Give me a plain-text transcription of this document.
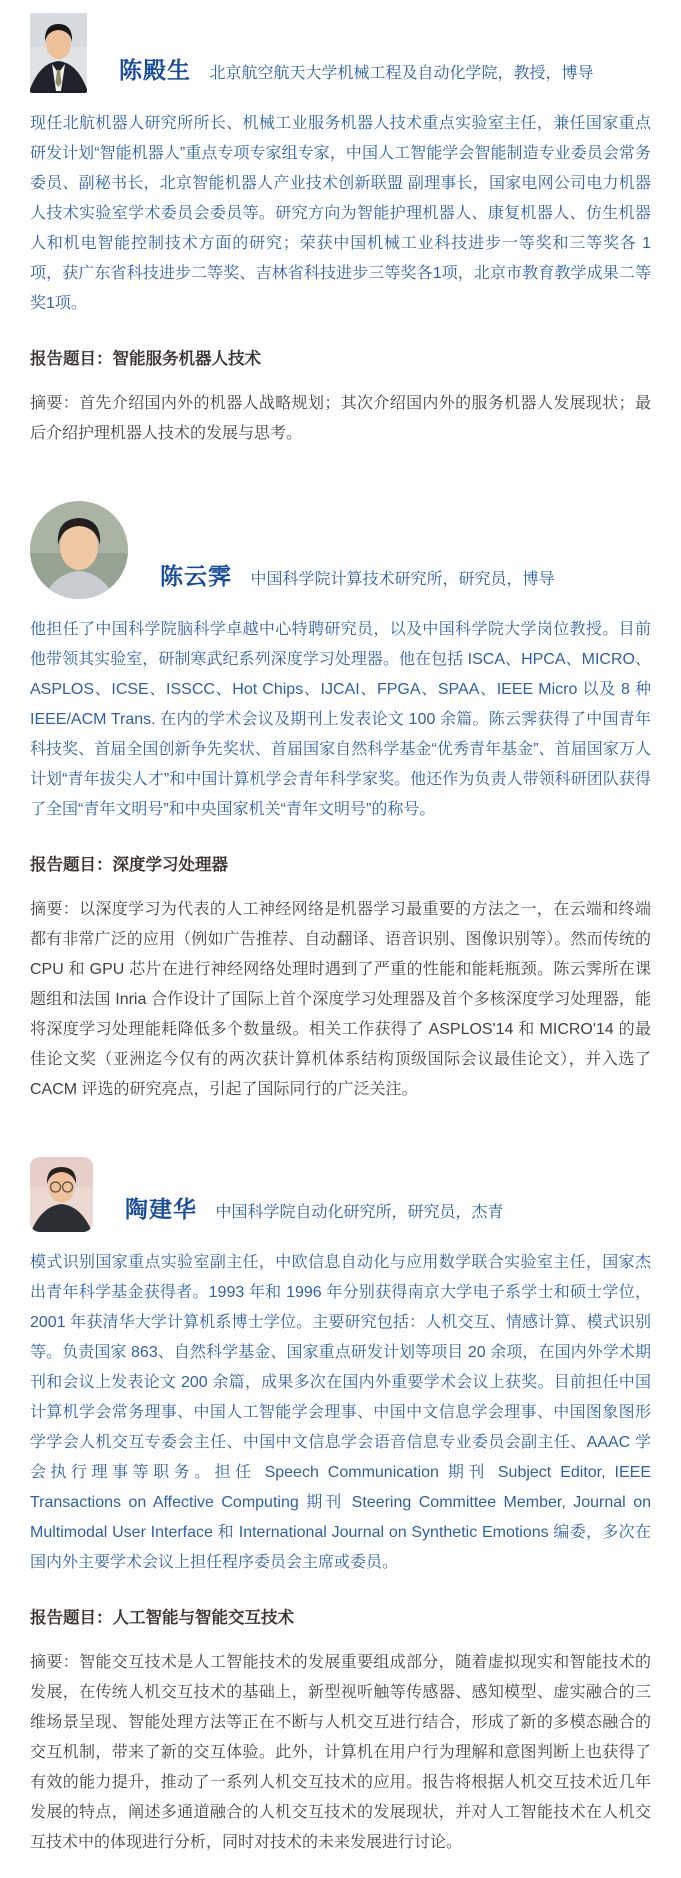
陈殿生 北京航空航天大学机械工程及自动化学院，教授，博导

现任北航机器人研究所所长、机械工业服务机器人技术重点实验室主任，兼任国家重点研发计划“智能机器人”重点专项专家组专家，中国人工智能学会智能制造专业委员会常务委员、副秘书长，北京智能机器人产业技术创新联盟 副理事长，国家电网公司电力机器人技术实验室学术委员会委员等。研究方向为智能护理机器人、康复机器人、仿生机器人和机电智能控制技术方面的研究；荣获中国机械工业科技进步一等奖和三等奖各 1 项，获广东省科技进步二等奖、吉林省科技进步三等奖各1项，北京市教育教学成果二等奖1项。

报告题目：智能服务机器人技术

摘要：首先介绍国内外的机器人战略规划；其次介绍国内外的服务机器人发展现状；最后介绍护理机器人技术的发展与思考。

陈云霁 中国科学院计算技术研究所，研究员，博导

他担任了中国科学院脑科学卓越中心特聘研究员，以及中国科学院大学岗位教授。目前他带领其实验室，研制寒武纪系列深度学习处理器。他在包括 ISCA、HPCA、MICRO、ASPLOS、ICSE、ISSCC、Hot Chips、IJCAI、FPGA、SPAA、IEEE Micro 以及 8 种 IEEE/ACM Trans. 在内的学术会议及期刊上发表论文 100 余篇。陈云霁获得了中国青年科技奖、首届全国创新争先奖状、首届国家自然科学基金“优秀青年基金”、首届国家万人计划“青年拔尖人才”和中国计算机学会青年科学家奖。他还作为负责人带领科研团队获得了全国“青年文明号”和中央国家机关“青年文明号”的称号。

报告题目：深度学习处理器

摘要：以深度学习为代表的人工神经网络是机器学习最重要的方法之一，在云端和终端都有非常广泛的应用（例如广告推荐、自动翻译、语音识别、图像识别等）。然而传统的 CPU 和 GPU 芯片在进行神经网络处理时遇到了严重的性能和能耗瓶颈。陈云霁所在课题组和法国 Inria 合作设计了国际上首个深度学习处理器及首个多核深度学习处理器，能将深度学习处理能耗降低多个数量级。相关工作获得了 ASPLOS'14 和 MICRO'14 的最佳论文奖（亚洲迄今仅有的两次获计算机体系结构顶级国际会议最佳论文），并入选了 CACM 评选的研究亮点，引起了国际同行的广泛关注。

陶建华 中国科学院自动化研究所，研究员，杰青

模式识别国家重点实验室副主任，中欧信息自动化与应用数学联合实验室主任，国家杰出青年科学基金获得者。1993 年和 1996 年分别获得南京大学电子系学士和硕士学位，2001 年获清华大学计算机系博士学位。主要研究包括：人机交互、情感计算、模式识别等。负责国家 863、自然科学基金、国家重点研发计划等项目 20 余项，在国内外学术期刊和会议上发表论文 200 余篇，成果多次在国内外重要学术会议上获奖。目前担任中国计算机学会常务理事、中国人工智能学会理事、中国中文信息学会理事、中国图象图形学学会人机交互专委会主任、中国中文信息学会语音信息专业委员会副主任、AAAC 学会执行理事等职务。担任 Speech Communication 期刊 Subject Editor, IEEE Transactions on Affective Computing 期刊 Steering Committee Member, Journal on Multimodal User Interface 和 International Journal on Synthetic Emotions 编委，多次在国内外主要学术会议上担任程序委员会主席或委员。

报告题目：人工智能与智能交互技术

摘要：智能交互技术是人工智能技术的发展重要组成部分，随着虚拟现实和智能技术的发展，在传统人机交互技术的基础上，新型视听触等传感器、感知模型、虚实融合的三维场景呈现、智能处理方法等正在不断与人机交互进行结合，形成了新的多模态融合的交互机制，带来了新的交互体验。此外，计算机在用户行为理解和意图判断上也获得了有效的能力提升，推动了一系列人机交互技术的应用。报告将根据人机交互技术近几年发展的特点，阐述多通道融合的人机交互技术的发展现状，并对人工智能技术在人机交互技术中的体现进行分析，同时对技术的未来发展进行讨论。
